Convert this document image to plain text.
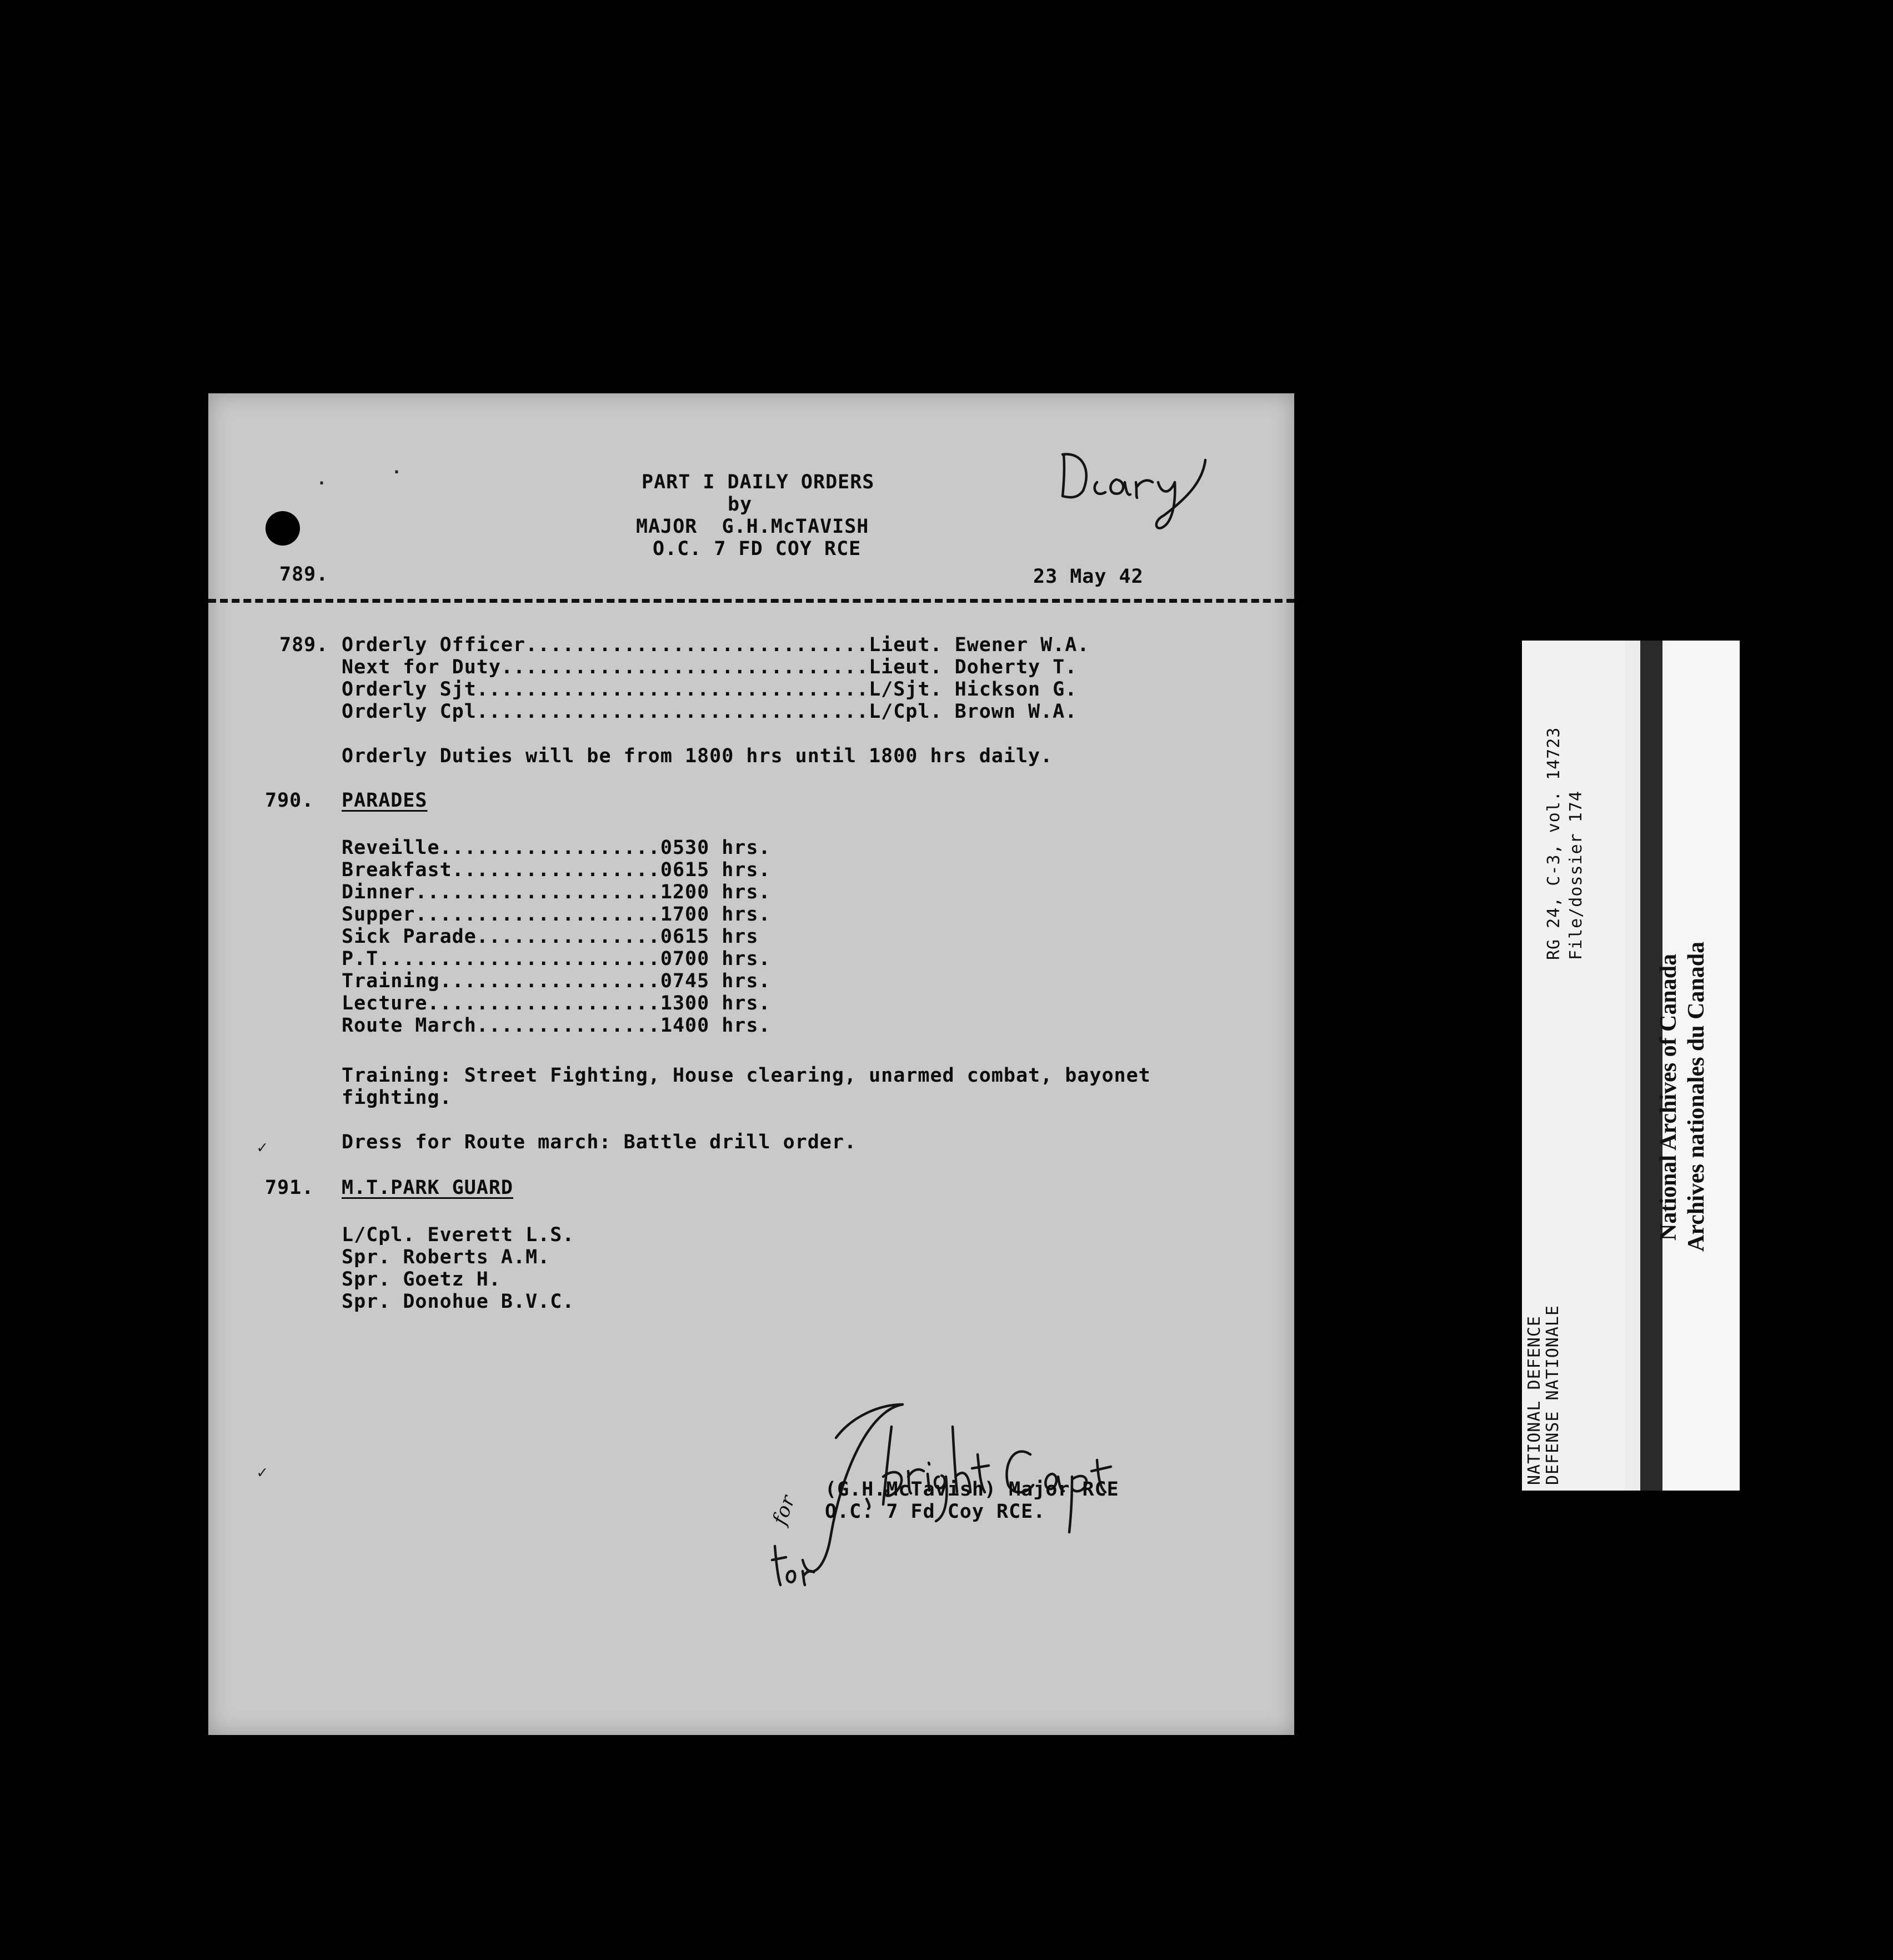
·
·	PART I DAILY ORDERS
by
MAJOR  G.H.McTAVISH
O.C. 7 FD COY RCE
789.	23 May 42
789. Orderly Officer............................Lieut. Ewener W.A.
Next for Duty..............................Lieut. Doherty T.
Orderly Sjt................................L/Sjt. Hickson G.
Orderly Cpl................................L/Cpl. Brown W.A.
Orderly Duties will be from 1800 hrs until 1800 hrs daily.
790. PARADES
Reveille..................0530 hrs.
Breakfast.................0615 hrs.
Dinner....................1200 hrs.
Supper....................1700 hrs.
Sick Parade...............0615 hrs
P.T.......................0700 hrs.
Training..................0745 hrs.
Lecture...................1300 hrs.
Route March...............1400 hrs.
Training: Street Fighting, House clearing, unarmed combat, bayonet
fighting.
Dress for Route march: Battle drill order.
791. M.T.PARK GUARD
L/Cpl. Everett L.S.
Spr. Roberts A.M.
Spr. Goetz H.
Spr. Donohue B.V.C.
for
(G.H.McTavish) Major RCE
O.C. 7 Fd Coy RCE.
✓
✓
RG 24, C-3, vol. 14723 File/dossier 174
NATIONAL DEFENCE
DEFENSE NATIONALE
National Archives of Canada Archives nationales du Canada
